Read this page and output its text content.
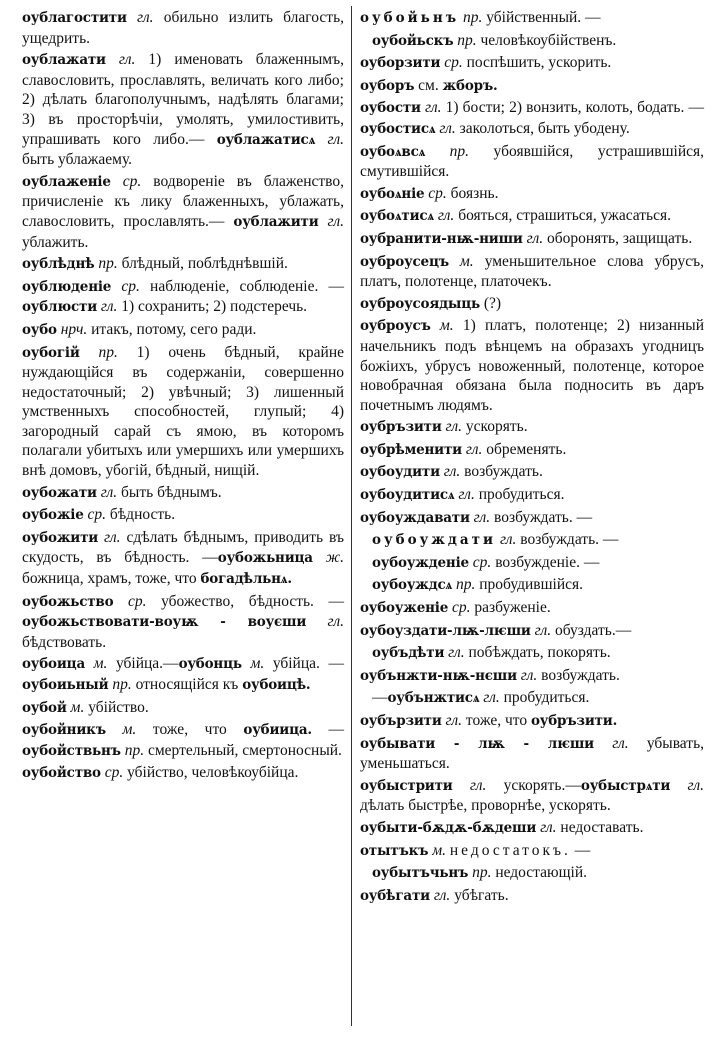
оублагостити гл. обильно излить благость, ущедрить.
оублажати гл. 1) именовать блаженнымъ, славословить, прославлять, величать кого либо; 2) дѣлать благополучнымъ, надѣлять благами; 3) въ просторѣчіи, умолять, умилостивить, упрашивать кого либо.— оублажатисѧ гл. быть ублажаему.
оублаженіе ср. водвореніе въ блаженство, причисленіе къ лику блаженныхъ, ублажать, славословить, прославлять.— оублажити гл. ублажить.
оублѣднѣ пр. блѣдный, поблѣднѣвшій.
оублюденіе ср. наблюденіе, соблюденіе. — оублюсти гл. 1) сохранить; 2) подстеречь.
оубо нрч. итакъ, потому, сего ради.
оубогій пр. 1) очень бѣдный, крайне нуждающійся въ содержаніи, совершенно недостаточный; 2) увѣчный; 3) лишенный умственныхъ способностей, глупый; 4) загородный сарай съ ямою, въ которомъ полагали убитыхъ или умершихъ или умершихъ внѣ домовъ, убогій, бѣдный, нищій.
оубожати гл. быть бѣднымъ.
оубожіе ср. бѣдность.
оубожити гл. сдѣлать бѣднымъ, приводить въ скудость, въ бѣдность. —оубожьница ж. божница, храмъ, тоже, что богадѣльнѧ.
оубожьство ср. убожество, бѣдность. — оубожьствовати-воуѭ - воуєши гл. бѣдствовать.
оубоица м. убійца.—оубонць м. убійца. — оубоиьный пр. относящійся къ оубоицѣ.
оубой м. убійство.
оубойникъ м. тоже, что оубиица. — оубойствьнъ пр. смертельный, смертоносный.
оубойство ср. убійство, человѣкоубійца.
оубойьнъ пр. убійственный. —
оубойьскъ пр. человѣкоубійственъ.
оуборзити ср. поспѣшить, ускорить.
оуборъ см. жборъ.
оубости гл. 1) бости; 2) вонзить, колоть, бодать. — оубостисѧ гл. заколоться, быть убодену.
оубоѧвсѧ пр. убоявшійся, устрашившійся, смутившійся.
оубоѧніе ср. боязнь.
оубоѧтисѧ гл. бояться, страшиться, ужасаться.
оубранити-нѭ-ниши гл. оборонять, защищать.
оуброусецъ м. уменьшительное слова убрусъ, платъ, полотенце, платочекъ.
оуброусоядыць (?)
оуброусъ м. 1) платъ, полотенце; 2) низанный начельникъ подъ вѣнцемъ на образахъ угодницъ божіихъ, убрусъ новоженный, полотенце, которое новобрачная обязана была подносить въ даръ почетнымъ людямъ.
оубръзити гл. ускорять.
оубрѣменити гл. обременять.
оубоудити гл. возбуждать.
оубоудитисѧ гл. пробудиться.
оубоуждавати гл. возбуждать. —
оубоуждати гл. возбуждать. —
оубоужденіе ср. возбужденіе. —
оубоуждсѧ пр. пробудившійся.
оубоуженіе ср. разбуженіе.
оубоуздати-лѭ-лѥши гл. обуздать.—
оубъдѣти гл. побѣждать, покорять.
оубънжти-нѭ-нєши гл. возбуждать.
—оубънжтисѧ гл. пробудиться.
оубързити гл. тоже, что оубръзити.
оубывати - лѭ - лѥши гл. убывать, уменьшаться.
оубыстрити гл. ускорять.—оубыстрѧти гл. дѣлать быстрѣе, проворнѣе, ускорять.
оубыти-бѫдѫ-бѫдеши гл. недоставать.
отытъкъ м. недостатокъ. —
оубытъчьнъ пр. недостающій.
оубѣгати гл. убѣгать.
